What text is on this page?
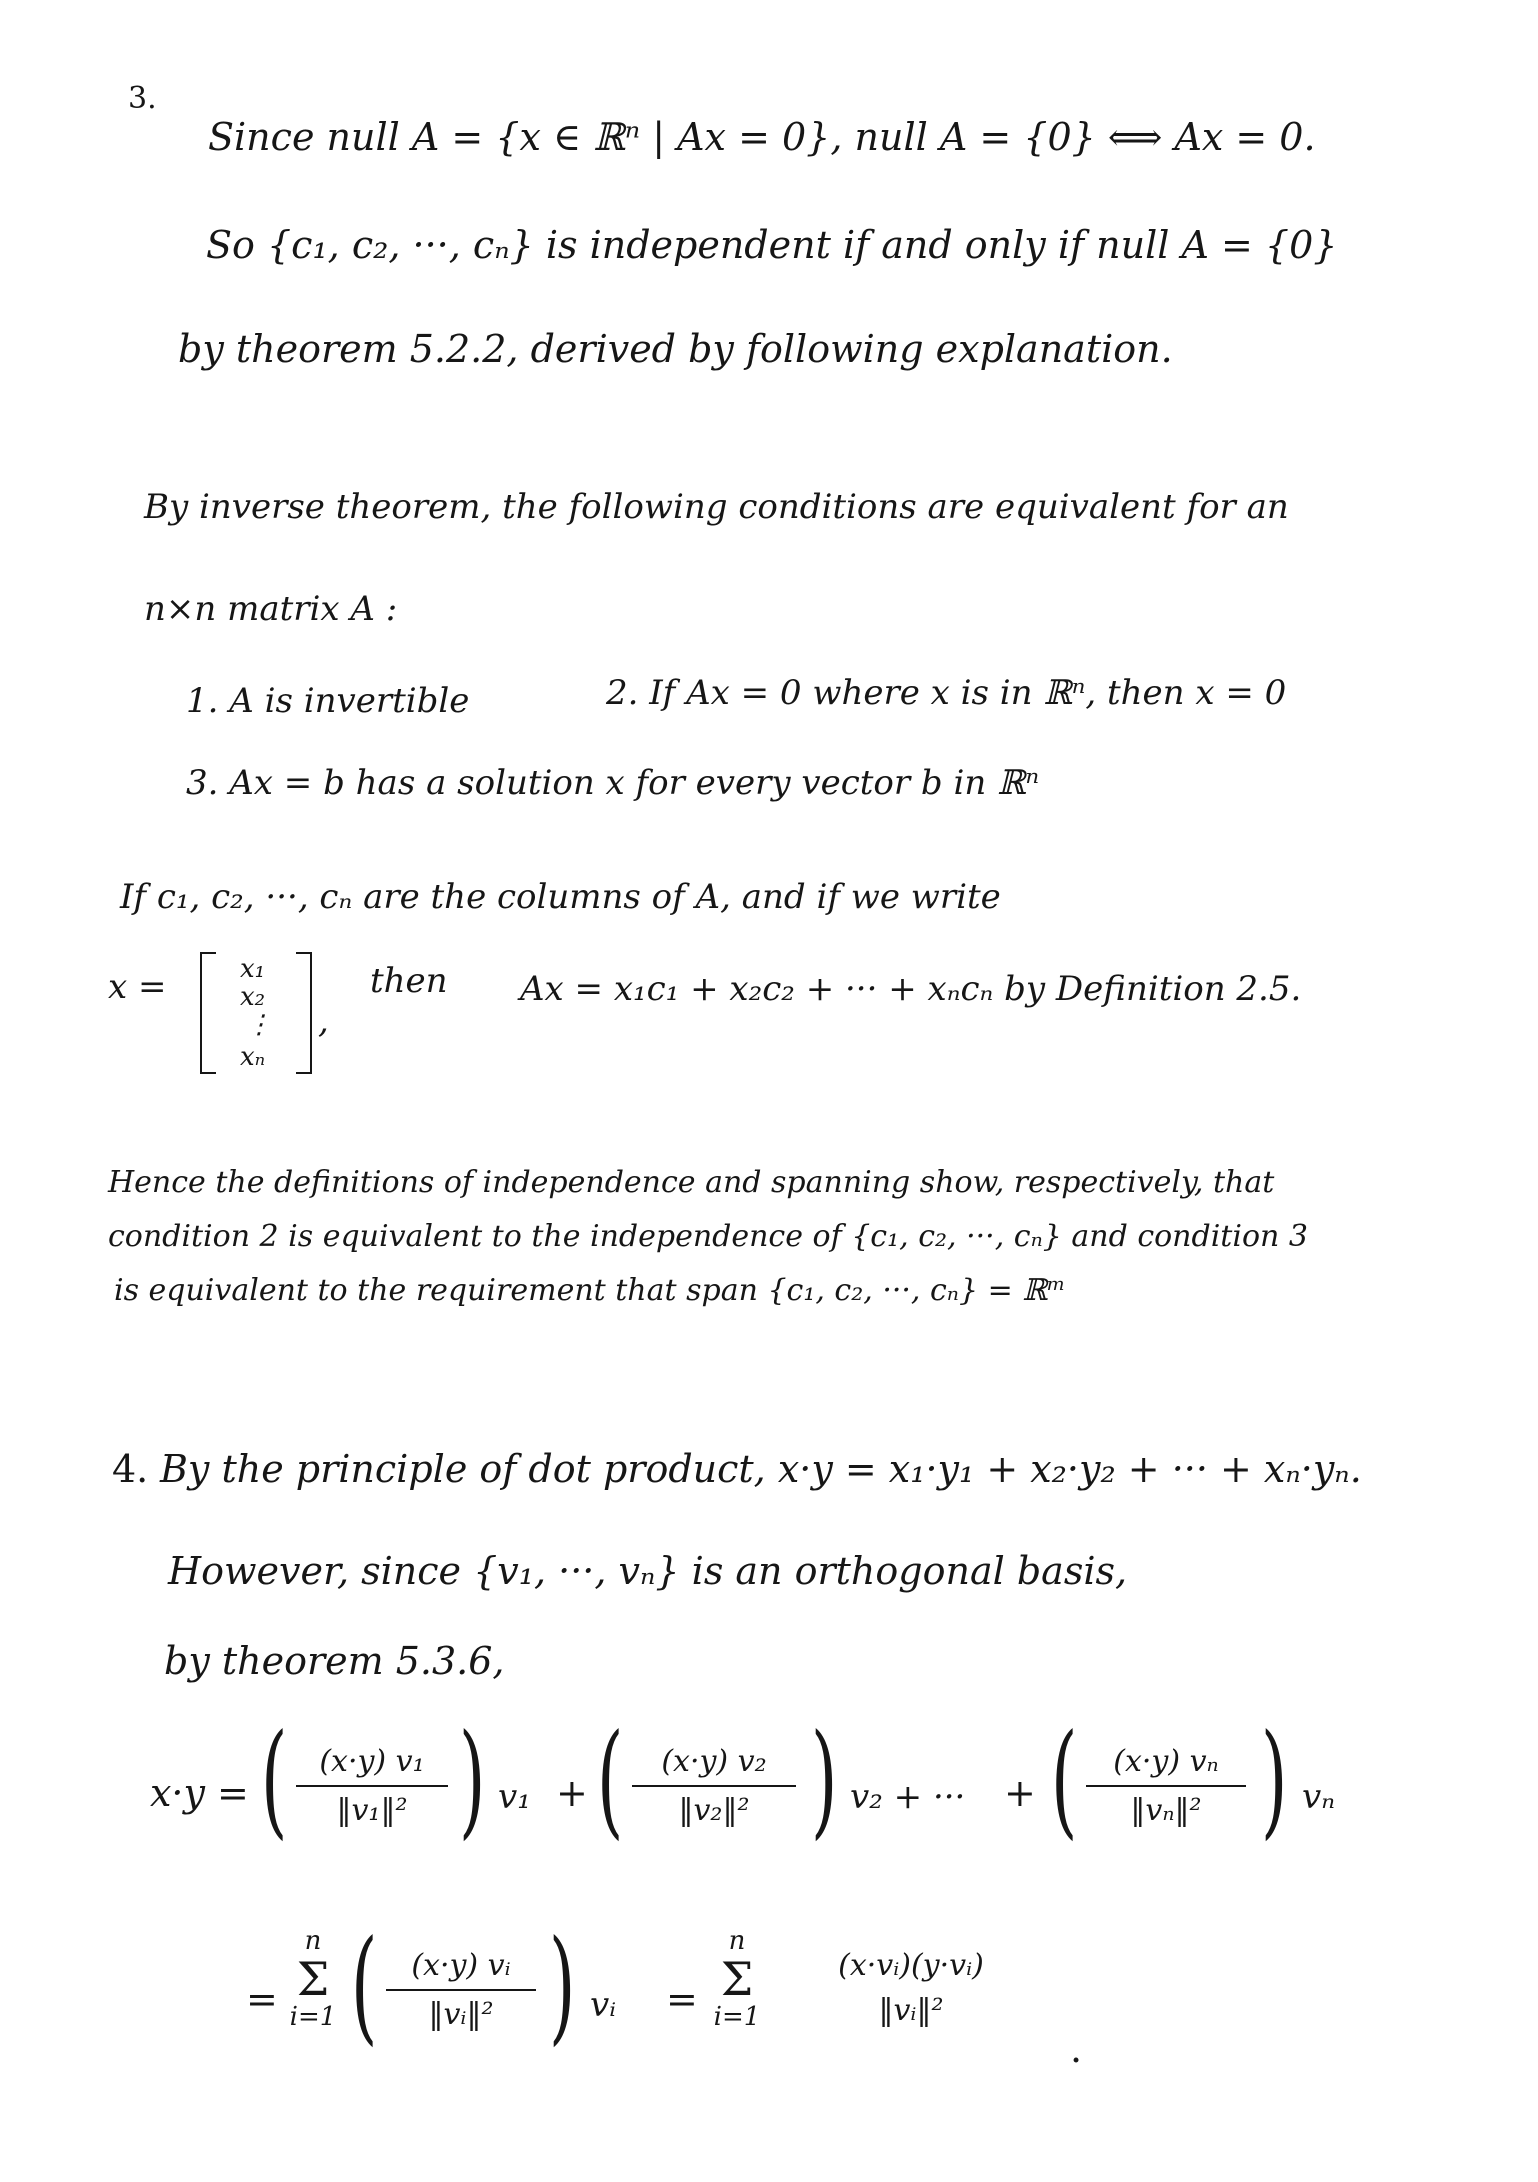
3.
Since null A = {x ∈ ℝⁿ | Ax = 0}, null A = {0} ⟺ Ax = 0.
So {c₁, c₂, ···, cₙ} is independent if and only if null A = {0}
by theorem 5.2.2, derived by following explanation.
By inverse theorem, the following conditions are equivalent for an
n×n matrix A :
1. A is invertible	2. If Ax = 0 where x is in ℝⁿ, then x = 0
3. Ax = b has a solution x for every vector b in ℝⁿ
If c₁, c₂, ···, cₙ are the columns of A, and if we write
x =	x₁
x₂
⋮
xₙ
,
then Ax = x₁c₁ + x₂c₂ + ··· + xₙcₙ by Definition 2.5.
Hence the definitions of independence and spanning show, respectively, that
condition 2 is equivalent to the independence of {c₁, c₂, ···, cₙ} and condition 3
is equivalent to the requirement that span {c₁, c₂, ···, cₙ} = ℝᵐ
4. By the principle of dot product, x·y = x₁·y₁ + x₂·y₂ + ··· + xₙ·yₙ.
However, since {v₁, ···, vₙ} is an orthogonal basis,
by theorem 5.3.6,
x·y = (	(x·y) v₁
‖v₁‖² ) v₁ + (	(x·y) v₂
‖v₂‖² ) v₂ + ··· + (	(x·y) vₙ
‖vₙ‖² ) vₙ
=
n
Σ
i=1 (	(x·y) vᵢ
‖vᵢ‖² ) vᵢ =
n
Σ
i=1
(x·vᵢ)(y·vᵢ)
‖vᵢ‖²
.
